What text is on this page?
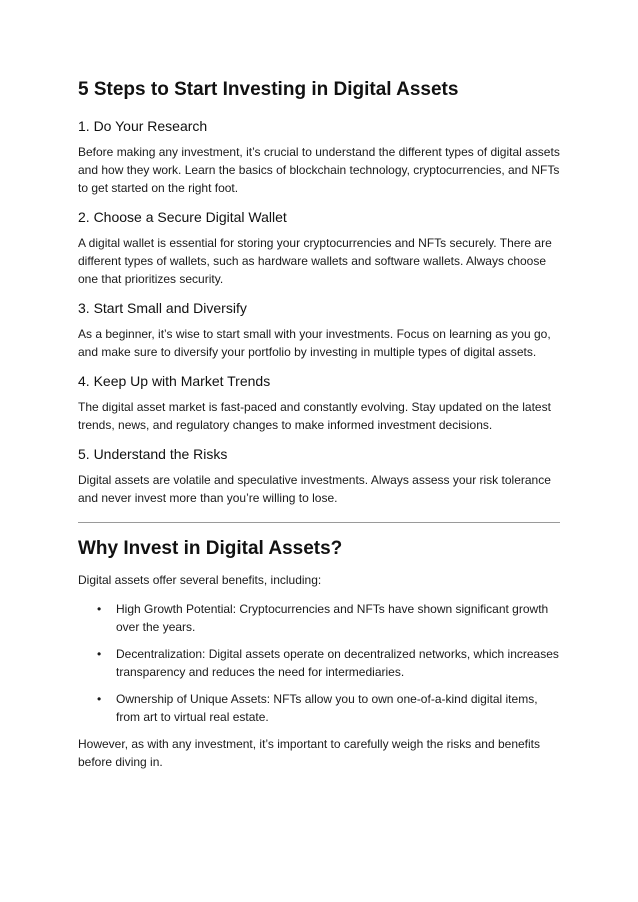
5 Steps to Start Investing in Digital Assets
1. Do Your Research

Before making any investment, it’s crucial to understand the different types of digital assets and how they work. Learn the basics of blockchain technology, cryptocurrencies, and NFTs to get started on the right foot.

2. Choose a Secure Digital Wallet

A digital wallet is essential for storing your cryptocurrencies and NFTs securely. There are different types of wallets, such as hardware wallets and software wallets. Always choose one that prioritizes security.

3. Start Small and Diversify

As a beginner, it’s wise to start small with your investments. Focus on learning as you go, and make sure to diversify your portfolio by investing in multiple types of digital assets.

4. Keep Up with Market Trends

The digital asset market is fast-paced and constantly evolving. Stay updated on the latest trends, news, and regulatory changes to make informed investment decisions.

5. Understand the Risks

Digital assets are volatile and speculative investments. Always assess your risk tolerance and never invest more than you’re willing to lose.

Why Invest in Digital Assets?

Digital assets offer several benefits, including:

• High Growth Potential: Cryptocurrencies and NFTs have shown significant growth over the years.
• Decentralization: Digital assets operate on decentralized networks, which increases transparency and reduces the need for intermediaries.
• Ownership of Unique Assets: NFTs allow you to own one-of-a-kind digital items, from art to virtual real estate.

However, as with any investment, it’s important to carefully weigh the risks and benefits before diving in.
